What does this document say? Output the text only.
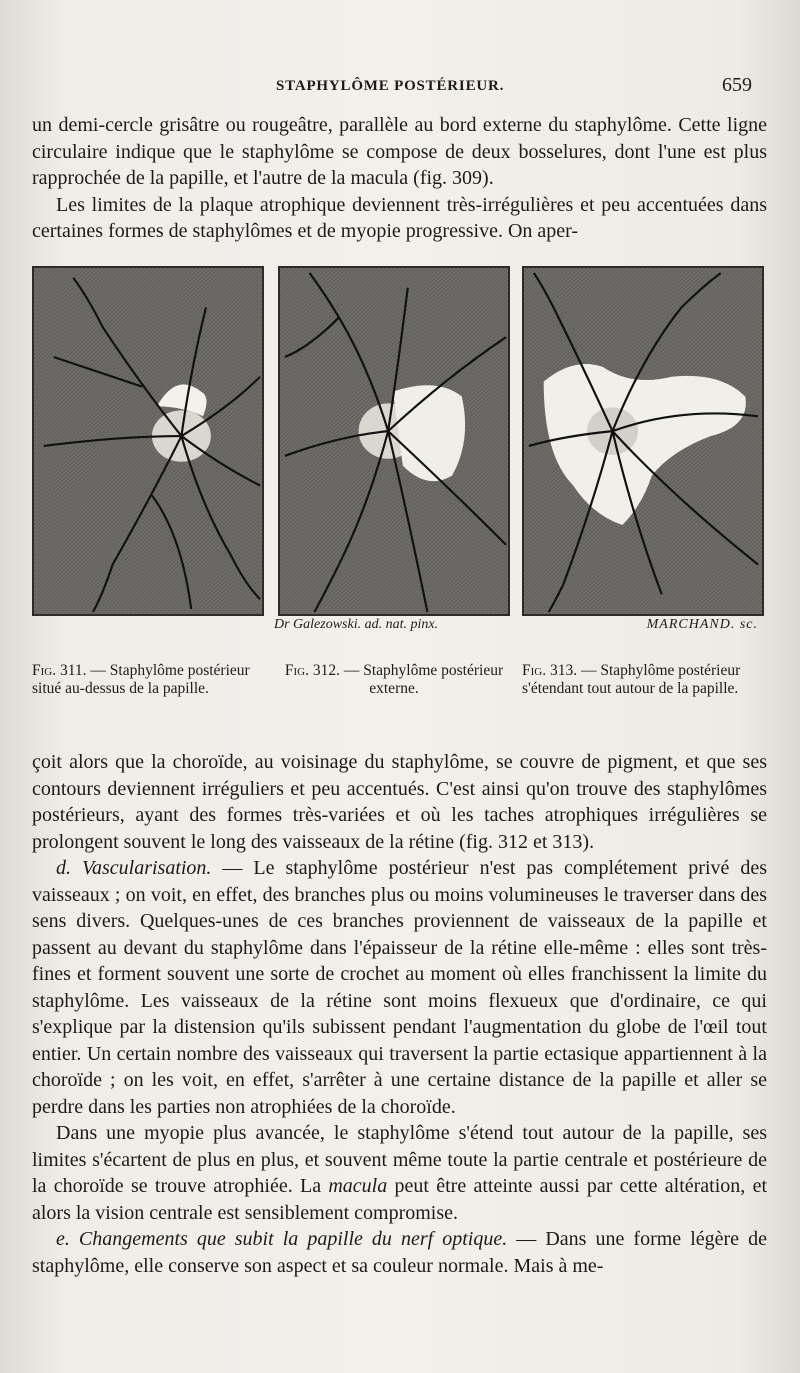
STAPHYLÔME POSTÉRIEUR.	659

un demi-cercle grisâtre ou rougeâtre, parallèle au bord externe du staphylôme. Cette ligne circulaire indique que le staphylôme se compose de deux bosselures, dont l'une est plus rapprochée de la papille, et l'autre de la macula (fig. 309).

Les limites de la plaque atrophique deviennent très-irrégulières et peu accentuées dans certaines formes de staphylômes et de myopie progressive. On aper-

Dr Galezowski. ad. nat. pinx.	MARCHAND. sc.
Fig. 311. — Staphylôme postérieur situé au-dessus de la papille.
Fig. 312. — Staphylôme postérieur externe.
Fig. 313. — Staphylôme postérieur s'étendant tout autour de la papille.

çoit alors que la choroïde, au voisinage du staphylôme, se couvre de pigment, et que ses contours deviennent irréguliers et peu accentués. C'est ainsi qu'on trouve des staphylômes postérieurs, ayant des formes très-variées et où les taches atrophiques irrégulières se prolongent souvent le long des vaisseaux de la rétine (fig. 312 et 313).

d. Vascularisation. — Le staphylôme postérieur n'est pas complétement privé des vaisseaux ; on voit, en effet, des branches plus ou moins volumineuses le traverser dans des sens divers. Quelques-unes de ces branches proviennent de vaisseaux de la papille et passent au devant du staphylôme dans l'épaisseur de la rétine elle-même : elles sont très-fines et forment souvent une sorte de crochet au moment où elles franchissent la limite du staphylôme. Les vaisseaux de la rétine sont moins flexueux que d'ordinaire, ce qui s'explique par la distension qu'ils subissent pendant l'augmentation du globe de l'œil tout entier. Un certain nombre des vaisseaux qui traversent la partie ectasique appartiennent à la choroïde ; on les voit, en effet, s'arrêter à une certaine distance de la papille et aller se perdre dans les parties non atrophiées de la choroïde.

Dans une myopie plus avancée, le staphylôme s'étend tout autour de la papille, ses limites s'écartent de plus en plus, et souvent même toute la partie centrale et postérieure de la choroïde se trouve atrophiée. La macula peut être atteinte aussi par cette altération, et alors la vision centrale est sensiblement compromise.

e. Changements que subit la papille du nerf optique. — Dans une forme légère de staphylôme, elle conserve son aspect et sa couleur normale. Mais à me-
